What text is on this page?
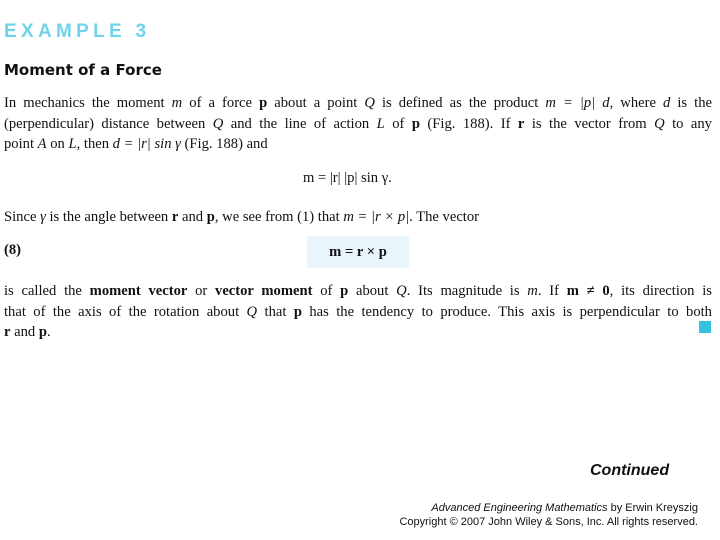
EXAMPLE 3
Moment of a Force
In mechanics the moment m of a force p about a point Q is defined as the product m = |p| d, where d is the
(perpendicular) distance between Q and the line of action L of p (Fig. 188). If r is the vector from Q to any
point A on L, then d = |r| sin γ (Fig. 188) and
m = |r| |p| sin γ.
Since γ is the angle between r and p, we see from (1) that m = |r × p|. The vector
(8)	m = r × p
is called the moment vector or vector moment of p about Q. Its magnitude is m. If m ≠ 0, its direction is
that of the axis of the rotation about Q that p has the tendency to produce. This axis is perpendicular to both
r and p.
Continued
Advanced Engineering Mathematics by Erwin Kreyszig
Copyright © 2007 John Wiley & Sons, Inc. All rights reserved.
